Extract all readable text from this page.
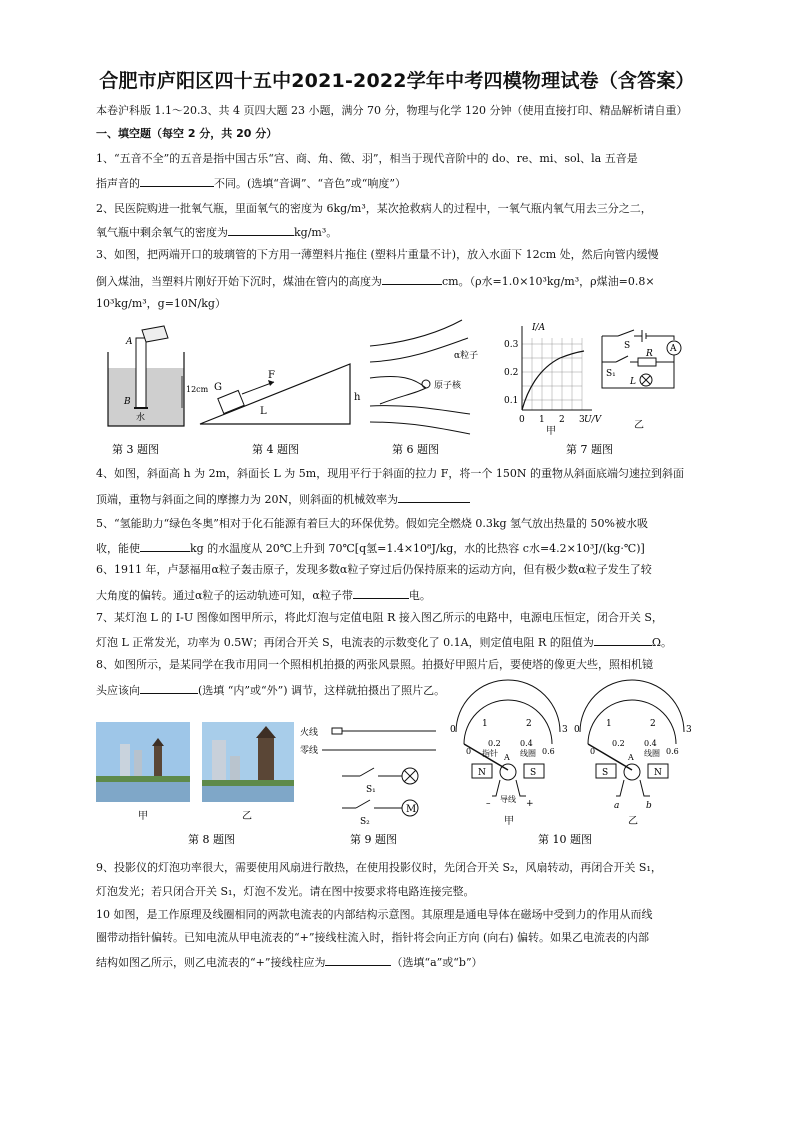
合肥市庐阳区四十五中2021-2022学年中考四模物理试卷（含答案）
本卷沪科版 1.1～20.3、共 4 页四大题 23 小题，满分 70 分，物理与化学 120 分钟（使用直接打印、精品解析请自重）
一、填空题（每空 2 分，共 20 分）
1、“五音不全”的五音是指中国古乐“宫、商、角、徵、羽”，相当于现代音阶中的 do、re、mi、sol、la 五音是
指声音的	不同。(选填“音调”、“音色”或“响度”）
2、民医院购进一批氧气瓶，里面氧气的密度为 6kg/m³，某次抢救病人的过程中，一氧气瓶内氧气用去三分之二，
氧气瓶中剩余氧气的密度为	kg/m³。
3、如图，把两端开口的玻璃管的下方用一薄塑料片拖住 (塑料片重量不计)，放入水面下 12cm 处，然后向管内缓慢
倒入煤油，当塑料片刚好开始下沉时，煤油在管内的高度为	cm。（ρ水=1.0×10³kg/m³，ρ煤油=0.8×
10³kg/m³，g=10N/kg）
A
B
水
12cm
第 3 题图
G
F
L
h
第 4 题图
α粒子
原子核
第 6 题图
I/A
U/V
0.3
0.2
0.1
0 1 2 3
甲
S	A
S₁
R
L
乙
第 7 题图
4、如图，斜面高 h 为 2m，斜面长 L 为 5m，现用平行于斜面的拉力 F，将一个 150N 的重物从斜面底端匀速拉到斜面
顶端，重物与斜面之间的摩擦力为 20N，则斜面的机械效率为
5、“氢能助力“绿色冬奥”相对于化石能源有着巨大的环保优势。假如完全燃烧 0.3kg 氢气放出热量的 50%被水吸
收，能使	kg 的水温度从 20℃上升到 70℃[q氢=1.4×10⁸J/kg，水的比热容 c水=4.2×10³J/(kg·℃)]
6、1911 年，卢瑟福用α粒子轰击原子，发现多数α粒子穿过后仍保持原来的运动方向，但有极少数α粒子发生了较
大角度的偏转。通过α粒子的运动轨迹可知，α粒子带	电。
7、某灯泡 L 的 I-U 图像如图甲所示，将此灯泡与定值电阻 R 接入图乙所示的电路中，电源电压恒定，闭合开关 S，
灯泡 L 正常发光，功率为 0.5W；再闭合开关 S，电流表的示数变化了 0.1A，则定值电阻 R 的阻值为	Ω。
8、如图所示，是某同学在我市用同一个照相机拍摄的两张风景照。拍摄好甲照片后，要使塔的像更大些，照相机镜
头应该向	(选填 “内”或“外”) 调节，这样就拍摄出了照片乙。
甲	乙
第 8 题图
火线
零线
S₁
S₂
M
第 9 题图
0	3
1	2
0
0.2 0.4
0.6
指针 A 线圈
N	S
导线
–	+
甲
0	3
1	2
0
0.2 0.4
0.6
A 线圈
S	N
a	b
乙
第 10 题图
9、投影仪的灯泡功率很大，需要使用风扇进行散热，在使用投影仪时，先闭合开关 S₂，风扇转动，再闭合开关 S₁，
灯泡发光；若只闭合开关 S₁，灯泡不发光。请在图中按要求将电路连接完整。
10 如图，是工作原理及线圈相同的两款电流表的内部结构示意图。其原理是通电导体在磁场中受到力的作用从而线
圈带动指针偏转。已知电流从甲电流表的“+”接线柱流入时，指针将会向正方向 (向右) 偏转。如果乙电流表的内部
结构如图乙所示，则乙电流表的“+”接线柱应为	（选填“a”或“b”）
